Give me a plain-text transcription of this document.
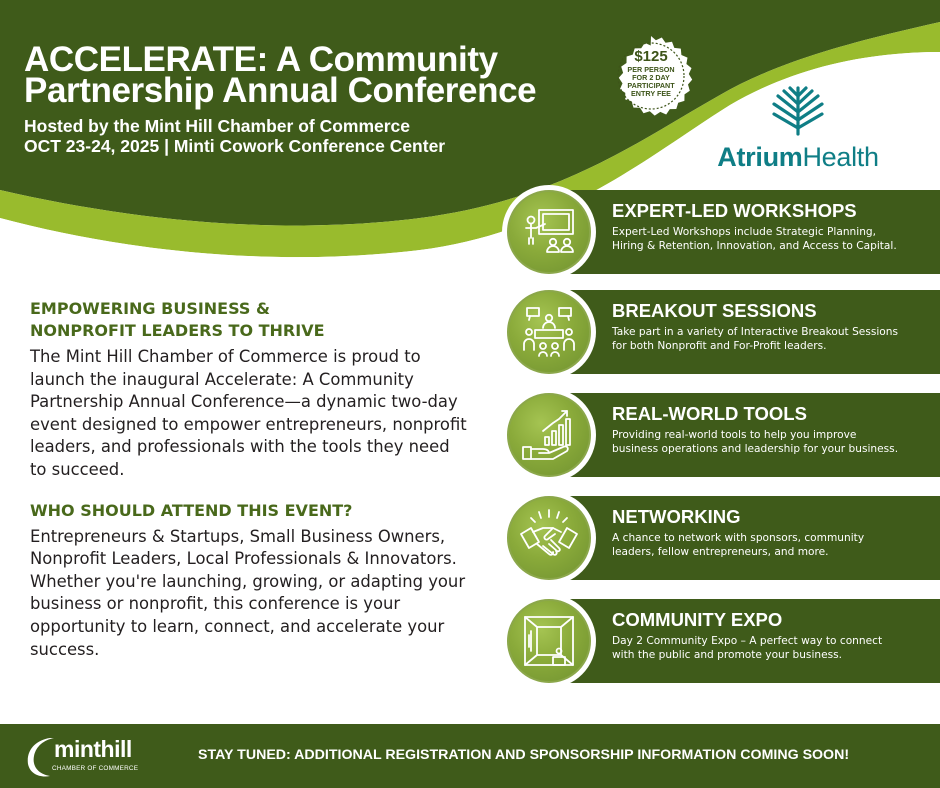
ACCELERATE: A Community
Partnership Annual Conference
Hosted by the Mint Hill Chamber of Commerce
OCT 23-24, 2025 | Minti Cowork Conference Center
$125
PER PERSON FOR 2 DAY PARTICIPANT ENTRY FEE
AtriumHealth
EMPOWERING BUSINESS &
NONPROFIT LEADERS TO THRIVE

The Mint Hill Chamber of Commerce is proud to launch the inaugural Accelerate: A Community Partnership Annual Conference—a dynamic two-day event designed to empower entrepreneurs, nonprofit leaders, and professionals with the tools they need to succeed.

WHO SHOULD ATTEND THIS EVENT?

Entrepreneurs & Startups, Small Business Owners, Nonprofit Leaders, Local Professionals & Innovators. Whether you're launching, growing, or adapting your business or nonprofit, this conference is your opportunity to learn, connect, and accelerate your success.

EXPERT-LED WORKSHOPS
Expert-Led Workshops include Strategic Planning,
Hiring & Retention, Innovation, and Access to Capital.
BREAKOUT SESSIONS
Take part in a variety of Interactive Breakout Sessions
for both Nonprofit and For-Profit leaders.
REAL-WORLD TOOLS
Providing real-world tools to help you improve
business operations and leadership for your business.
NETWORKING
A chance to network with sponsors, community
leaders, fellow entrepreneurs, and more.
COMMUNITY EXPO
Day 2 Community Expo – A perfect way to connect
with the public and promote your business.
minthill
CHAMBER OF COMMERCE
STAY TUNED: ADDITIONAL REGISTRATION AND SPONSORSHIP INFORMATION COMING SOON!
